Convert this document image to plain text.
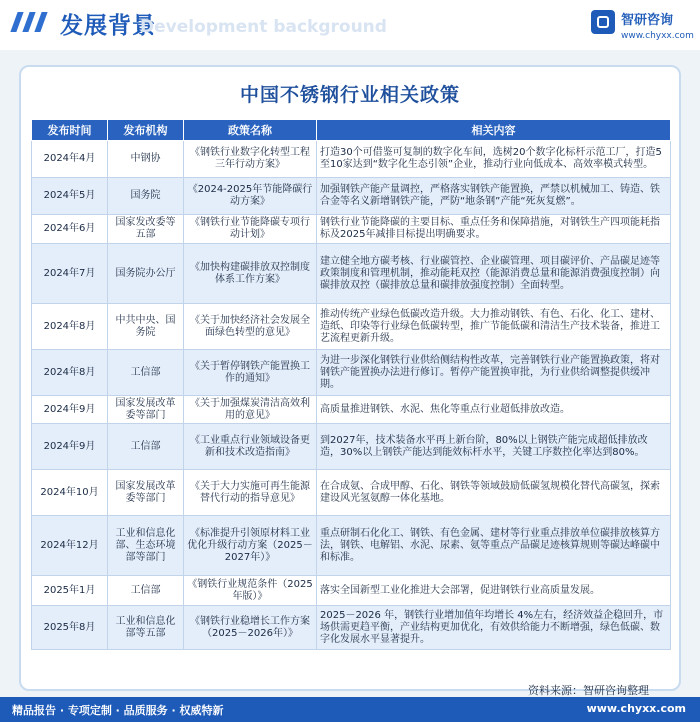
发展背景
Development background	智研咨询
www.chyxx.com
中国不锈钢行业相关政策
发布时间	发布机构	政策名称	相关内容
2024年4月	中钢协	《钢铁行业数字化转型工程三年行动方案》	打造30个可借鉴可复制的数字化车间，选树20个数字化标杆示范工厂，打造5至10家达到“数字化生态引领”企业，推动行业向低成本、高效率模式转型。
2024年5月	国务院	《2024-2025年节能降碳行动方案》	加强钢铁产能产量调控，严格落实钢铁产能置换，严禁以机械加工、铸造、铁合金等名义新增钢铁产能，严防“地条钢”产能“死灰复燃”。
2024年6月	国家发改委等五部	《钢铁行业节能降碳专项行动计划》	钢铁行业节能降碳的主要目标、重点任务和保障措施，对钢铁生产四项能耗指标及2025年减排目标提出明确要求。
2024年7月	国务院办公厅	《加快构建碳排放双控制度体系工作方案》	建立健全地方碳考核、行业碳管控、企业碳管理、项目碳评价、产品碳足迹等政策制度和管理机制，推动能耗双控（能源消费总量和能源消费强度控制）向碳排放双控（碳排放总量和碳排放强度控制）全面转型。
2024年8月	中共中央、国务院	《关于加快经济社会发展全面绿色转型的意见》	推动传统产业绿色低碳改造升级。大力推动钢铁、有色、石化、化工、建材、造纸、印染等行业绿色低碳转型，推广节能低碳和清洁生产技术装备，推进工艺流程更新升级。
2024年8月	工信部	《关于暂停钢铁产能置换工作的通知》	为进一步深化钢铁行业供给侧结构性改革，完善钢铁行业产能置换政策，将对钢铁产能置换办法进行修订。暂停产能置换审批，为行业供给调整提供缓冲期。
2024年9月	国家发展改革委等部门	《关于加强煤炭清洁高效利用的意见》	高质量推进钢铁、水泥、焦化等重点行业超低排放改造。
2024年9月	工信部	《工业重点行业领域设备更新和技术改造指南》	到2027年，技术装备水平再上新台阶，80%以上钢铁产能完成超低排放改造，30%以上钢铁产能达到能效标杆水平，关键工序数控化率达到80%。
2024年10月	国家发展改革委等部门	《关于大力实施可再生能源替代行动的指导意见》	在合成氨、合成甲醇、石化、钢铁等领域鼓励低碳氢规模化替代高碳氢，探索建设风光氢氨醇一体化基地。
2024年12月	工业和信息化部、生态环境部等部门	《标准提升引领原材料工业优化升级行动方案（2025－2027年）》	重点研制石化化工、钢铁、有色金属、建材等行业重点排放单位碳排放核算方法，钢铁、电解铝、水泥、尿素、氨等重点产品碳足迹核算规则等碳达峰碳中和标准。
2025年1月	工信部	《钢铁行业规范条件（2025年版）》	落实全国新型工业化推进大会部署，促进钢铁行业高质量发展。
2025年8月	工业和信息化部等五部	《钢铁行业稳增长工作方案（2025－2026年）》	2025－2026 年，钢铁行业增加值年均增长 4%左右，经济效益企稳回升，市场供需更趋平衡，产业结构更加优化，有效供给能力不断增强，绿色低碳、数字化发展水平显著提升。
资料来源：智研咨询整理
精品报告 · 专项定制 · 品质服务 · 权威特新	www.chyxx.com
